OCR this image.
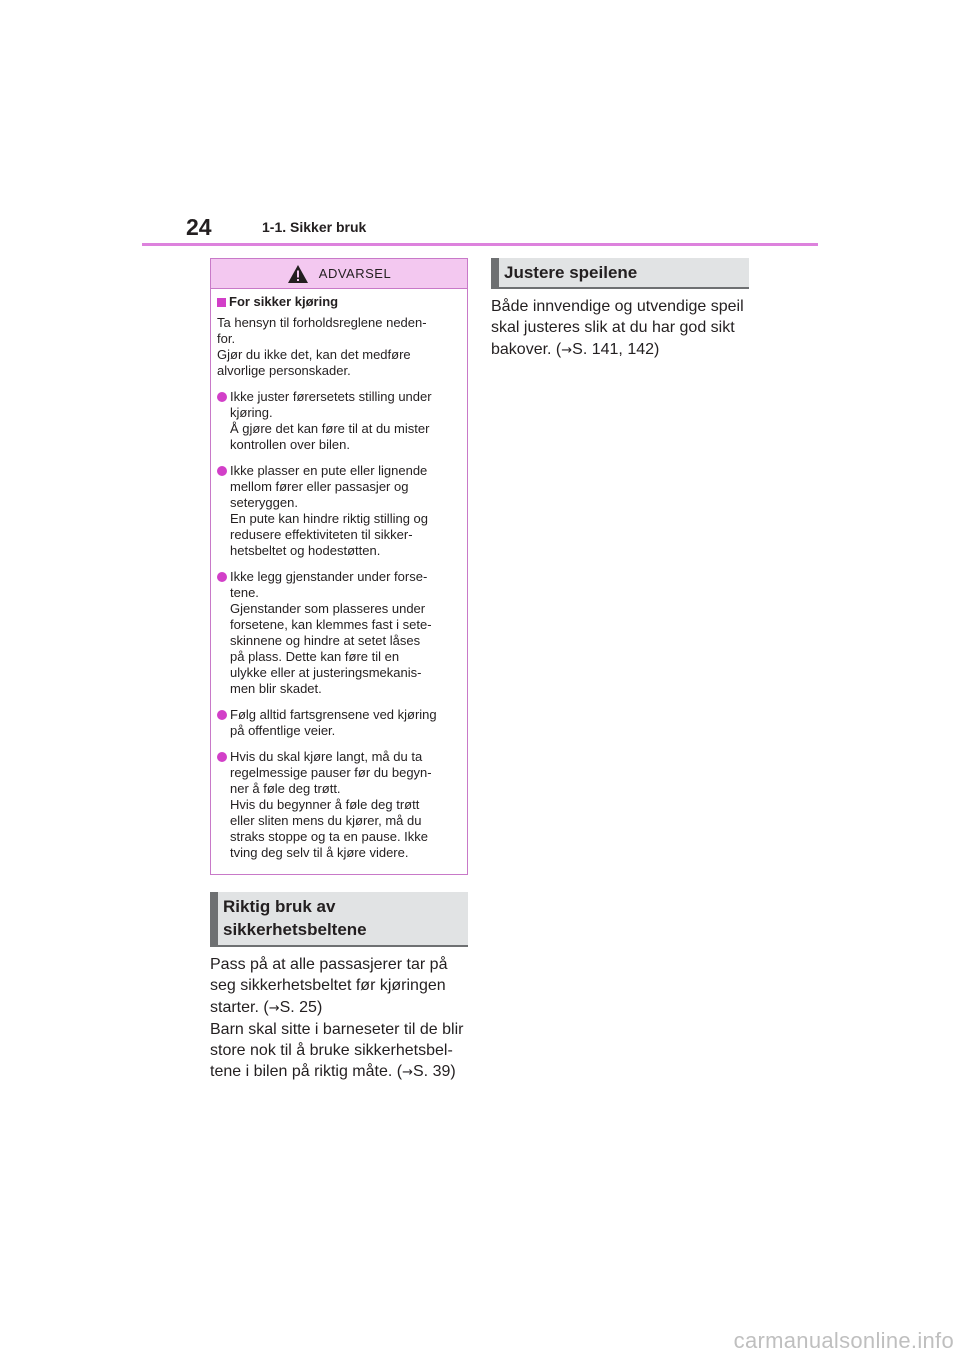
24	1-1. Sikker bruk
ADVARSEL
For sikker kjøring

Ta hensyn til forholdsreglene neden-
for.
Gjør du ikke det, kan det medføre
alvorlige personskader.

Ikke juster førersetets stilling under
kjøring.
Å gjøre det kan føre til at du mister
kontrollen over bilen.
Ikke plasser en pute eller lignende
mellom fører eller passasjer og
seteryggen.
En pute kan hindre riktig stilling og
redusere effektiviteten til sikker-
hetsbeltet og hodestøtten.
Ikke legg gjenstander under forse-
tene.
Gjenstander som plasseres under
forsetene, kan klemmes fast i sete-
skinnene og hindre at setet låses
på plass. Dette kan føre til en
ulykke eller at justeringsmekanis-
men blir skadet.
Følg alltid fartsgrensene ved kjøring
på offentlige veier.
Hvis du skal kjøre langt, må du ta
regelmessige pauser før du begyn-
ner å føle deg trøtt.
Hvis du begynner å føle deg trøtt
eller sliten mens du kjører, må du
straks stoppe og ta en pause. Ikke
tving deg selv til å kjøre videre.
Riktig bruk av
sikkerhetsbeltene

Pass på at alle passasjerer tar på
seg sikkerhetsbeltet før kjøringen
starter. (→S. 25)

Barn skal sitte i barneseter til de blir
store nok til å bruke sikkerhetsbel-
tene i bilen på riktig måte. (→S. 39)

Justere speilene

Både innvendige og utvendige speil
skal justeres slik at du har god sikt
bakover. (→S. 141, 142)

carmanualsonline.info
